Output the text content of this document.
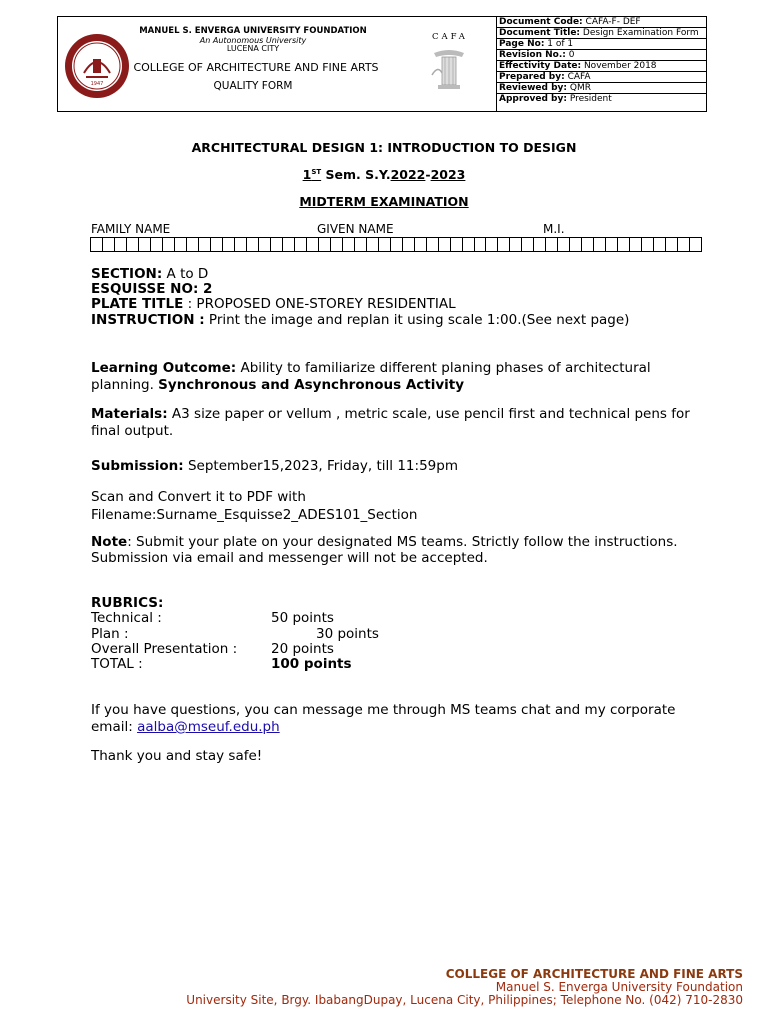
1947
MANUEL S. ENVERGA UNIVERSITY FOUNDATION
An Autonomous University
LUCENA CITY
COLLEGE OF ARCHITECTURE AND FINE ARTS
QUALITY FORM
CAFA
Document Code: CAFA-F- DEF
Document Title: Design Examination Form
Page No: 1 of 1
Revision No.: 0
Effectivity Date: November 2018
Prepared by: CAFA
Reviewed by: QMR
Approved by: President
ARCHITECTURAL DESIGN 1: INTRODUCTION TO DESIGN
1ST Sem. S.Y.2022-2023
MIDTERM EXAMINATION
FAMILY NAME	GIVEN NAME	M.I.
SECTION: A to D
ESQUISSE NO: 2
PLATE TITLE : PROPOSED ONE-STOREY RESIDENTIAL
INSTRUCTION : Print the image and replan it using scale 1:00.(See next page)
Learning Outcome: Ability to familiarize different planing phases of architectural planning. Synchronous and Asynchronous Activity
Materials: A3 size paper or vellum , metric scale, use pencil first and technical pens for final output.
Submission: September15,2023, Friday, till 11:59pm
Scan and Convert it to PDF with
Filename:Surname_Esquisse2_ADES101_Section
Note: Submit your plate on your designated MS teams. Strictly follow the instructions. Submission via email and messenger will not be accepted.
RUBRICS:
Technical :	50 points
Plan :	30 points
Overall Presentation :	20 points
TOTAL :	100 points
If you have questions, you can message me through MS teams chat and my corporate email: aalba@mseuf.edu.ph
Thank you and stay safe!
COLLEGE OF ARCHITECTURE AND FINE ARTS
Manuel S. Enverga University Foundation
University Site, Brgy. IbabangDupay, Lucena City, Philippines; Telephone No. (042) 710-2830
